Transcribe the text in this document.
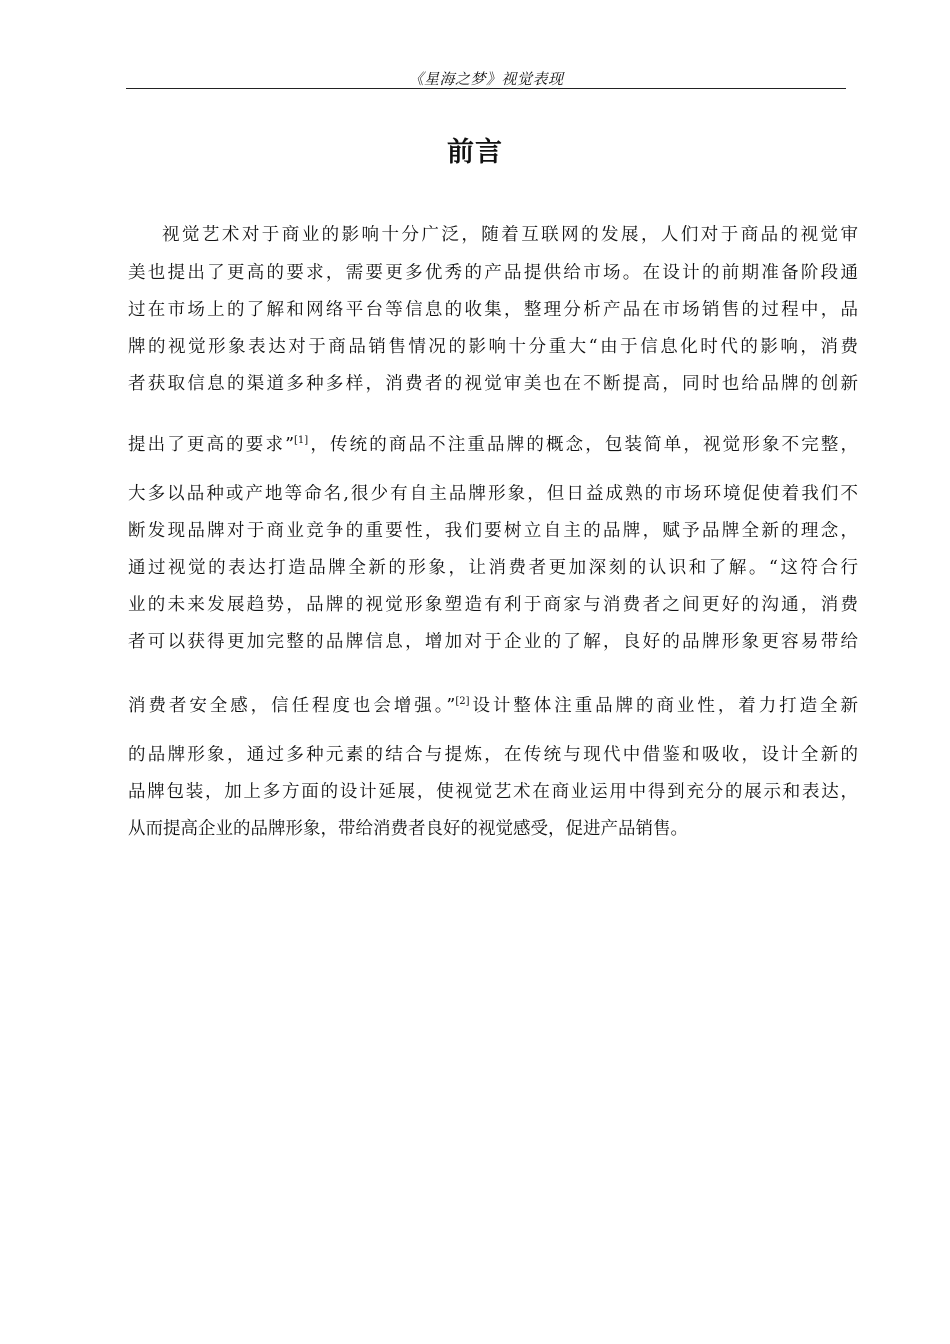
《星海之梦》视觉表现
前言
视觉艺术对于商业的影响十分广泛，随着互联网的发展，人们对于商品的视觉审
美也提出了更高的要求，需要更多优秀的产品提供给市场。在设计的前期准备阶段通
过在市场上的了解和网络平台等信息的收集，整理分析产品在市场销售的过程中，品
牌的视觉形象表达对于商品销售情况的影响十分重大“由于信息化时代的影响，消费
者获取信息的渠道多种多样，消费者的视觉审美也在不断提高，同时也给品牌的创新
提出了更高的要求”[1]，传统的商品不注重品牌的概念，包装简单，视觉形象不完整，
大多以品种或产地等命名,很少有自主品牌形象，但日益成熟的市场环境促使着我们不
断发现品牌对于商业竞争的重要性，我们要树立自主的品牌，赋予品牌全新的理念，
通过视觉的表达打造品牌全新的形象，让消费者更加深刻的认识和了解。“这符合行
业的未来发展趋势，品牌的视觉形象塑造有利于商家与消费者之间更好的沟通，消费
者可以获得更加完整的品牌信息，增加对于企业的了解，良好的品牌形象更容易带给
消费者安全感，信任程度也会增强。”[2]设计整体注重品牌的商业性，着力打造全新
的品牌形象，通过多种元素的结合与提炼，在传统与现代中借鉴和吸收，设计全新的
品牌包装，加上多方面的设计延展，使视觉艺术在商业运用中得到充分的展示和表达，
从而提高企业的品牌形象，带给消费者良好的视觉感受，促进产品销售。
